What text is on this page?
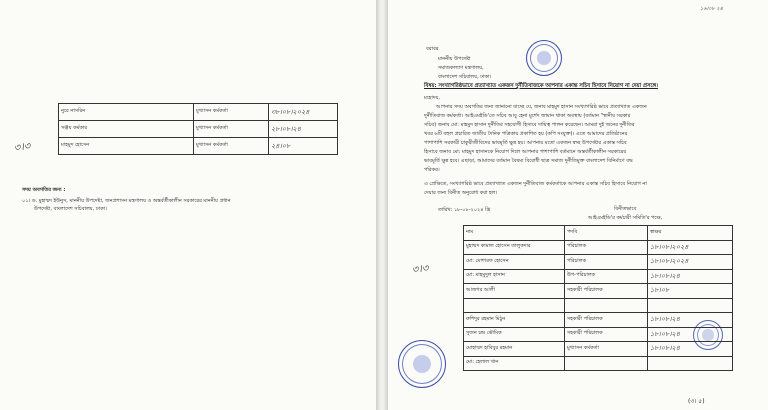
৩।৩
নুরে নাসরিন	মুখ্যাসন কর্মকর্তা	৩৮।০৮।২০২৪
সঞ্জয় কর্মকার	মুখ্যাসন কর্মকর্তা	২৮।০৮।২৪
মাহমুদ হোসেন	মুখ্যাসন কর্মকর্তা	২৪।০৮
সদয় অবগতির জন্য :
০১। ড. মুহাম্মদ ইউনুস, মাননীয় উপদেষ্টা, জনপ্রশাসন মন্ত্রণালয় ও অন্তর্বর্তীকালীন সরকারের মাননীয় প্রধান
উপদেষ্টা, বাংলাদেশ সচিবালয়, ঢাকা।
১৬।০৮ ২৪
বরাবর
মাননীয় উপদেষ্টা
সমাজকল্যাণ মন্ত্রণালয়,
বাংলাদেশ সচিবালয়, ঢাকা।
বিষয়: সংখ্যাগরিষ্ঠভাবে প্রত্যাখ্যাত একজন দুর্নীতিবাজকে আপনার একান্ত সচিব হিসাবে নিয়োগ না দেয়া প্রসঙ্গে।
মহোদয়,
আপনার সদয় অবগতির জন্য জানানো যাচ্ছে যে, জনাব মাহমুদ হাসান সংখ্যাগরিষ্ঠ ভাবে প্রত্যাখ্যাত একজন
দুর্নীতিবাজ কর্মকর্তা। আইএমইডি'তে সচিব আবু হেনা মুর্শেদ জামান থাকা অবস্থায় (বর্তমান "স্থানীয় সরকার
সচিব) জনাব মো: মাহমুদ হাসান দুর্নীতির সহযোগী হিসাবে দায়িত্ব পালন করেছেন। আমরা দুই জনের দুর্নীতির
খবর ৬টি বহুল প্রচারিত জাতীয় দৈনিক পত্রিকায় প্রকাশিত হয় (কপি সংযুক্ত)। এতে আমাদের প্রতিষ্ঠানের
পাশাপাশি সরকারী চাকুরীজীবিদের ভাবমূর্তি ক্ষুন্ন হয়। আপনার মতো একজন স্বচ্ছ উপদেষ্টার একান্ত সচিব
হিসাবে জনাব মো: মাহমুদ হাসানকে নিয়োগ দিলে আপনার পাশাপাশি বর্তমানে অন্তর্বর্তীকালীন সরকারের
ভাবমূর্তি ক্ষুন্ন হবে। এছাড়া, আমাদের বর্তমান বৈষম্য বিরোধী ছাত্র সমাজ দুর্নীতিমুক্ত বাংলাদেশ বিনির্মাণে বদ্ধ
পরিকর।
এ প্রেক্ষিতে, সংখ্যাগরিষ্ঠ ভাবে প্রত্যাখ্যাত একজন দুর্নীতিবাজ কর্মকর্তাকে আপনার একান্ত সচিব হিসাবে নিয়োগ না
দেয়ার জন্য বিনীত অনুরোধ করা হল।
তারিখ: ১৮-০৮-২০২৪ খ্রি	বিনীতভাবে
আইএমইডি'র কর্মচারী সমিতি'র পক্ষে,
৩।৩
(৩। ৫)
নাম	পদবি	স্বাক্ষর
মুহাম্মদ কামাল হোসেন তালুকদার	পরিচালক	১৮।০৮।২০২৪
মো: মোশারফ হোসেন	পরিচালক	১৮।০৮।২০২৪
মো: মাহমুদুল হাসান	উপ-পরিচালক	১৮।০৮।২৪
আজগর আলী	সহকারী পরিচালক	১৮।০৮

রুশিদুর রহমান মিঠুন	সহকারী পরিচালক	১৮।০৮।২৪
সুজন চন্দ্র ভৌমিক	সহকারী পরিচালক	১৮।০৮।২৪
মোহাম্মদ হাবিবুর রহমান	মুখ্যাসন কর্মকর্তা	১৮।০৮।২৪
মো: হেলাল খান		
